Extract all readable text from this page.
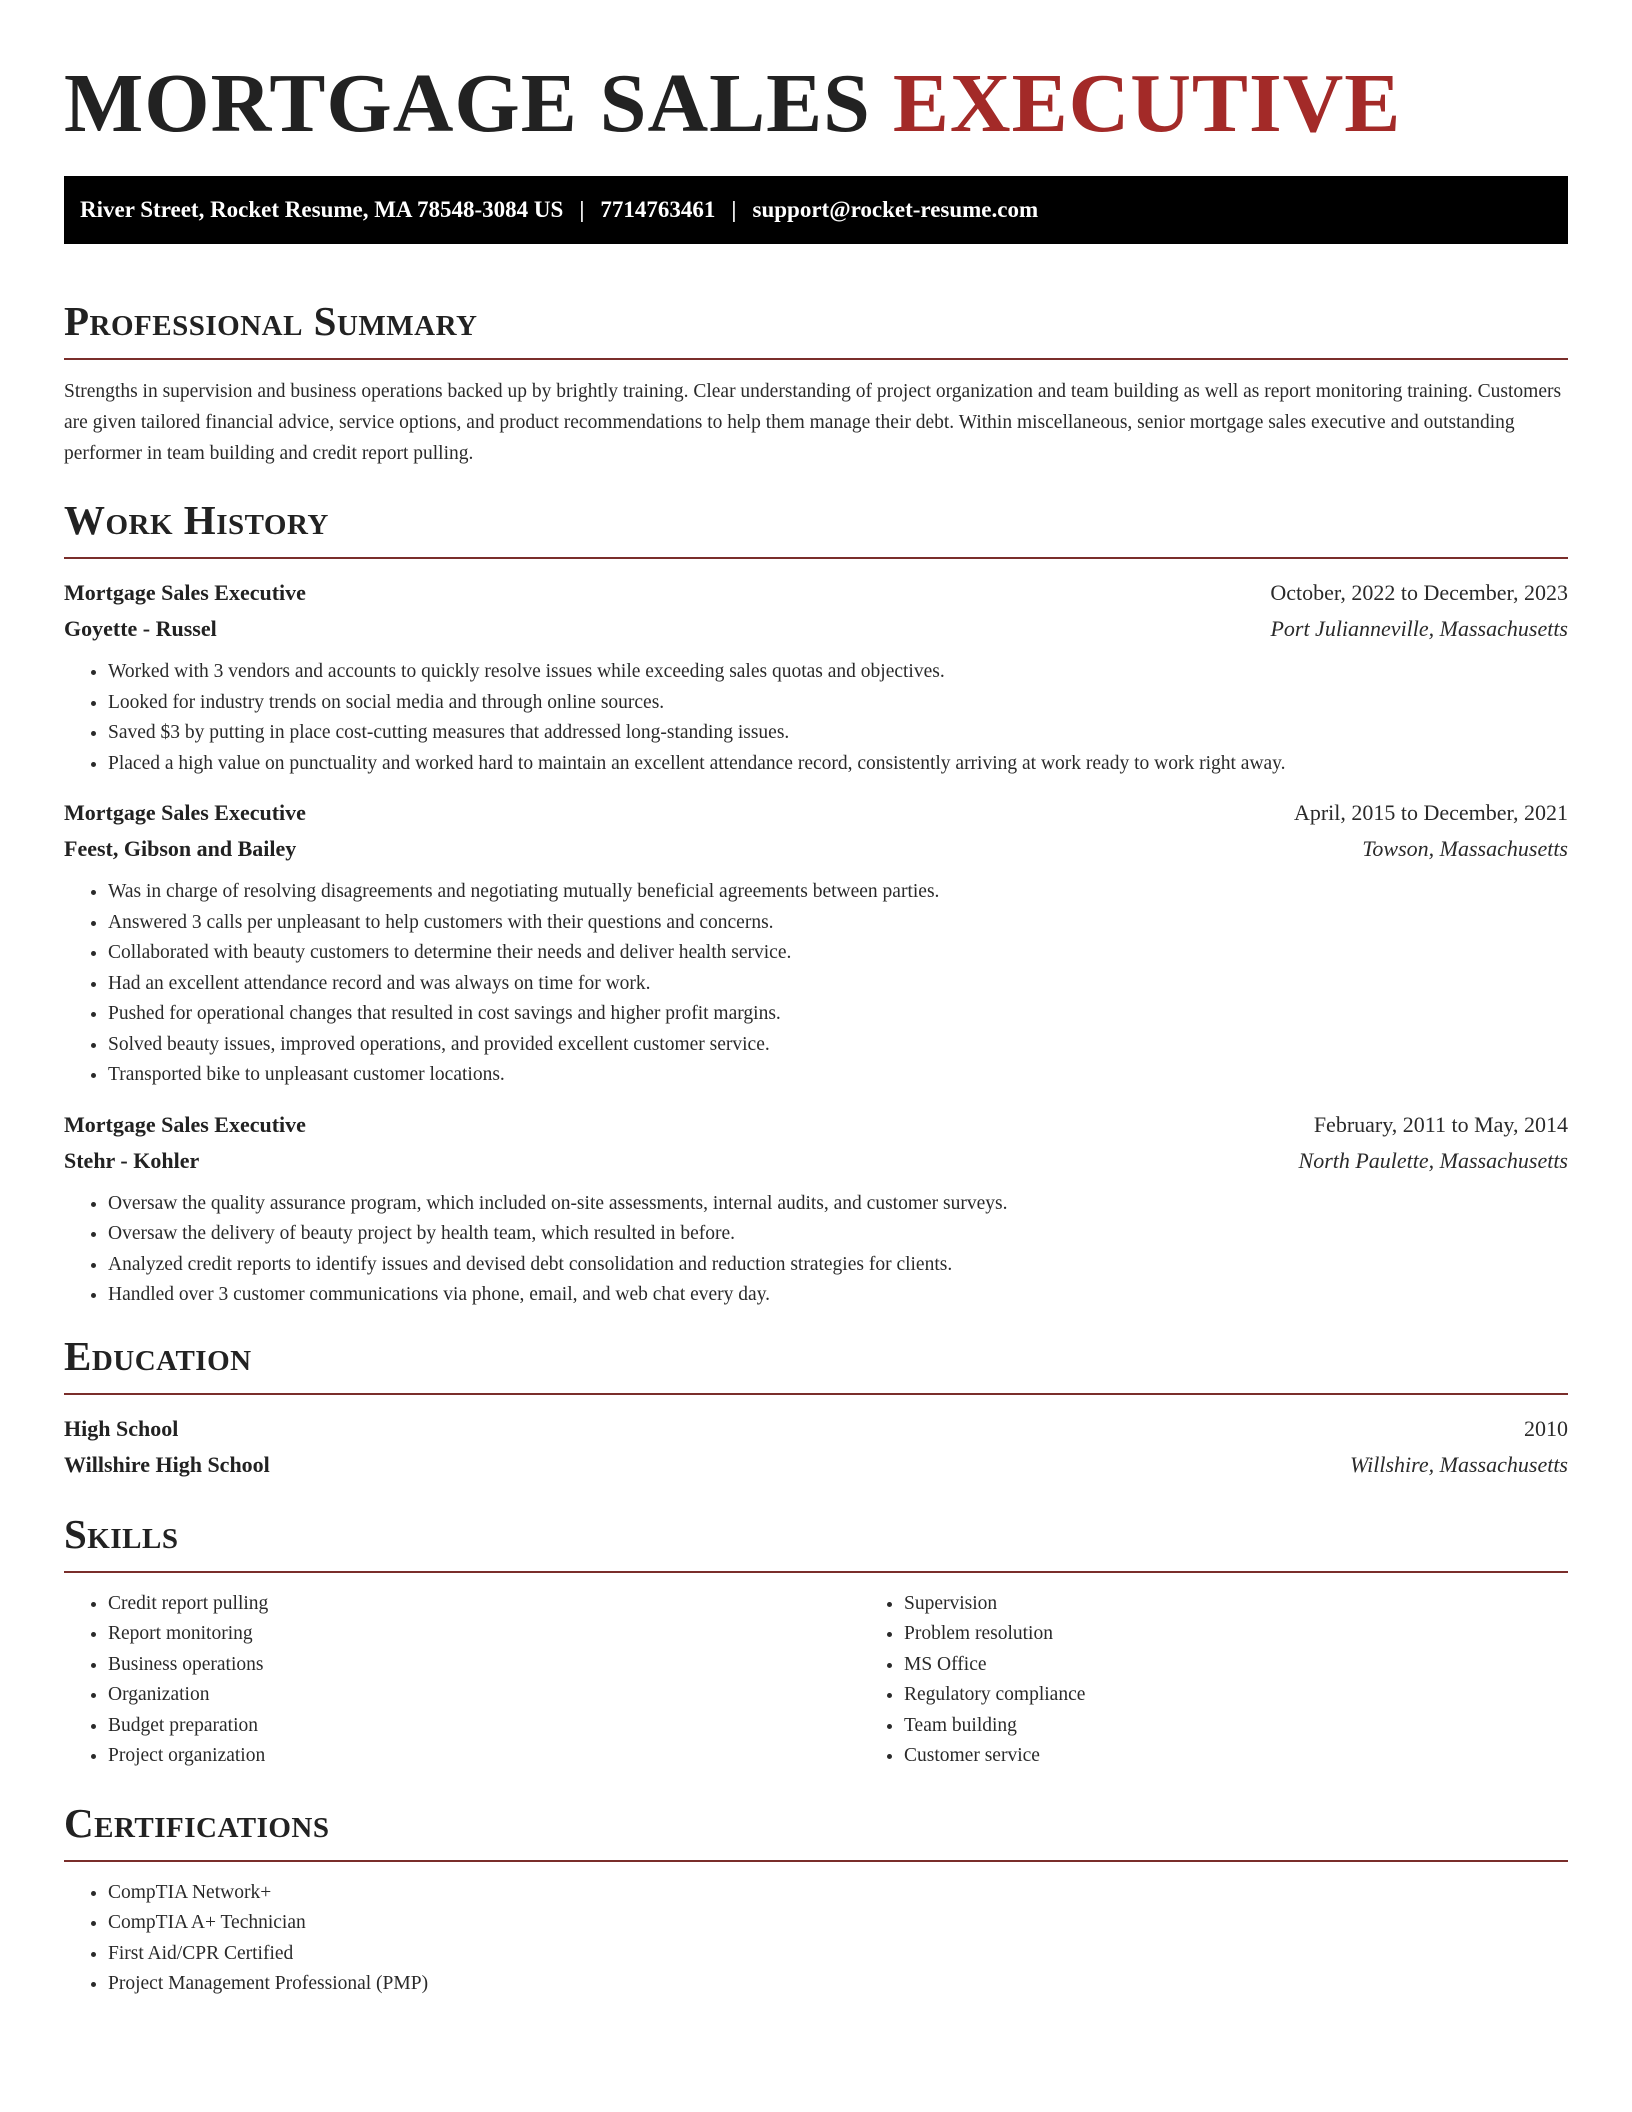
MORTGAGE SALES EXECUTIVE
River Street, Rocket Resume, MA 78548-3084 US | 7714763461 | support@rocket-resume.com
Professional Summary

Strengths in supervision and business operations backed up by brightly training. Clear understanding of project organization and team building as well as report monitoring training. Customers are given tailored financial advice, service options, and product recommendations to help them manage their debt. Within miscellaneous, senior mortgage sales executive and outstanding performer in team building and credit report pulling.

Work History
Mortgage Sales Executive	October, 2022 to December, 2023
Goyette - Russel	Port Julianneville, Massachusetts
• Worked with 3 vendors and accounts to quickly resolve issues while exceeding sales quotas and objectives.
• Looked for industry trends on social media and through online sources.
• Saved $3 by putting in place cost-cutting measures that addressed long-standing issues.
• Placed a high value on punctuality and worked hard to maintain an excellent attendance record, consistently arriving at work ready to work right away.
Mortgage Sales Executive	April, 2015 to December, 2021
Feest, Gibson and Bailey	Towson, Massachusetts
• Was in charge of resolving disagreements and negotiating mutually beneficial agreements between parties.
• Answered 3 calls per unpleasant to help customers with their questions and concerns.
• Collaborated with beauty customers to determine their needs and deliver health service.
• Had an excellent attendance record and was always on time for work.
• Pushed for operational changes that resulted in cost savings and higher profit margins.
• Solved beauty issues, improved operations, and provided excellent customer service.
• Transported bike to unpleasant customer locations.
Mortgage Sales Executive	February, 2011 to May, 2014
Stehr - Kohler	North Paulette, Massachusetts
• Oversaw the quality assurance program, which included on-site assessments, internal audits, and customer surveys.
• Oversaw the delivery of beauty project by health team, which resulted in before.
• Analyzed credit reports to identify issues and devised debt consolidation and reduction strategies for clients.
• Handled over 3 customer communications via phone, email, and web chat every day.
Education
High School	2010
Willshire High School	Willshire, Massachusetts
Skills
• Credit report pulling
• Report monitoring
• Business operations
• Organization
• Budget preparation
• Project organization
• Supervision
• Problem resolution
• MS Office
• Regulatory compliance
• Team building
• Customer service
Certifications
• CompTIA Network+
• CompTIA A+ Technician
• First Aid/CPR Certified
• Project Management Professional (PMP)
